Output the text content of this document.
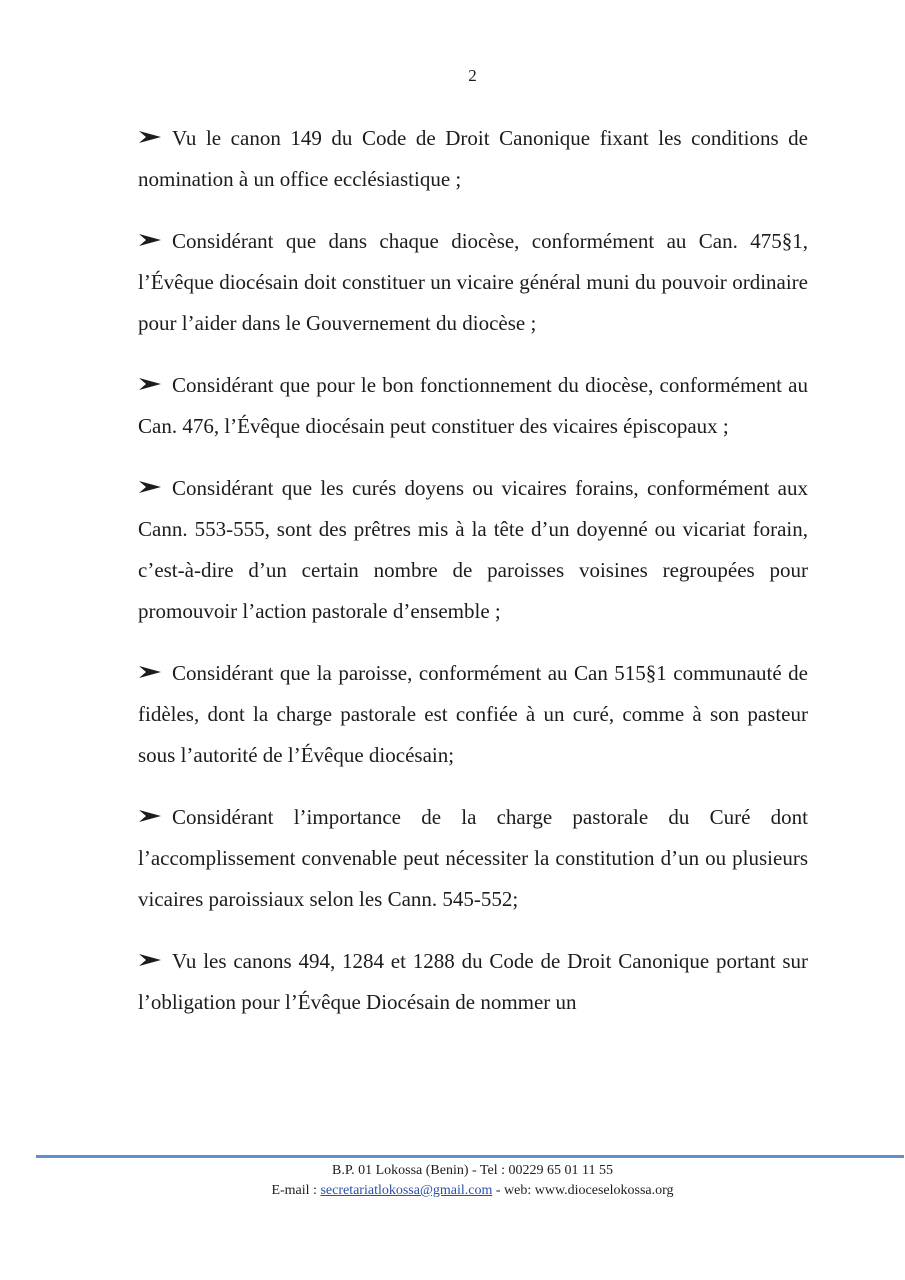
2

Vu le canon 149 du Code de Droit Canonique fixant les conditions de nomination à un office ecclésiastique ;

Considérant que dans chaque diocèse, conformément au Can. 475§1, l’Évêque diocésain doit constituer un vicaire général muni du pouvoir ordinaire pour l’aider dans le Gouvernement du diocèse ;

Considérant que pour le bon fonctionnement du diocèse, conformément au Can. 476, l’Évêque diocésain peut constituer des vicaires épiscopaux ;

Considérant que les curés doyens ou vicaires forains, conformément aux Cann. 553-555, sont des prêtres mis à la tête d’un doyenné ou vicariat forain, c’est-à-dire d’un certain nombre de paroisses voisines regroupées pour promouvoir l’action pastorale d’ensemble ;

Considérant que la paroisse, conformément au Can 515§1 communauté de fidèles, dont la charge pastorale est confiée à un curé, comme à son pasteur sous l’autorité de l’Évêque diocésain;

Considérant l’importance de la charge pastorale du Curé dont l’accomplissement convenable peut nécessiter la constitution d’un ou plusieurs vicaires paroissiaux selon les Cann. 545-552;

Vu les canons 494, 1284 et 1288 du Code de Droit Canonique portant sur l’obligation pour l’Évêque Diocésain de nommer un

B.P. 01 Lokossa (Benin) - Tel : 00229 65 01 11 55
E-mail : secretariatlokossa@gmail.com - web: www.dioceselokossa.org
